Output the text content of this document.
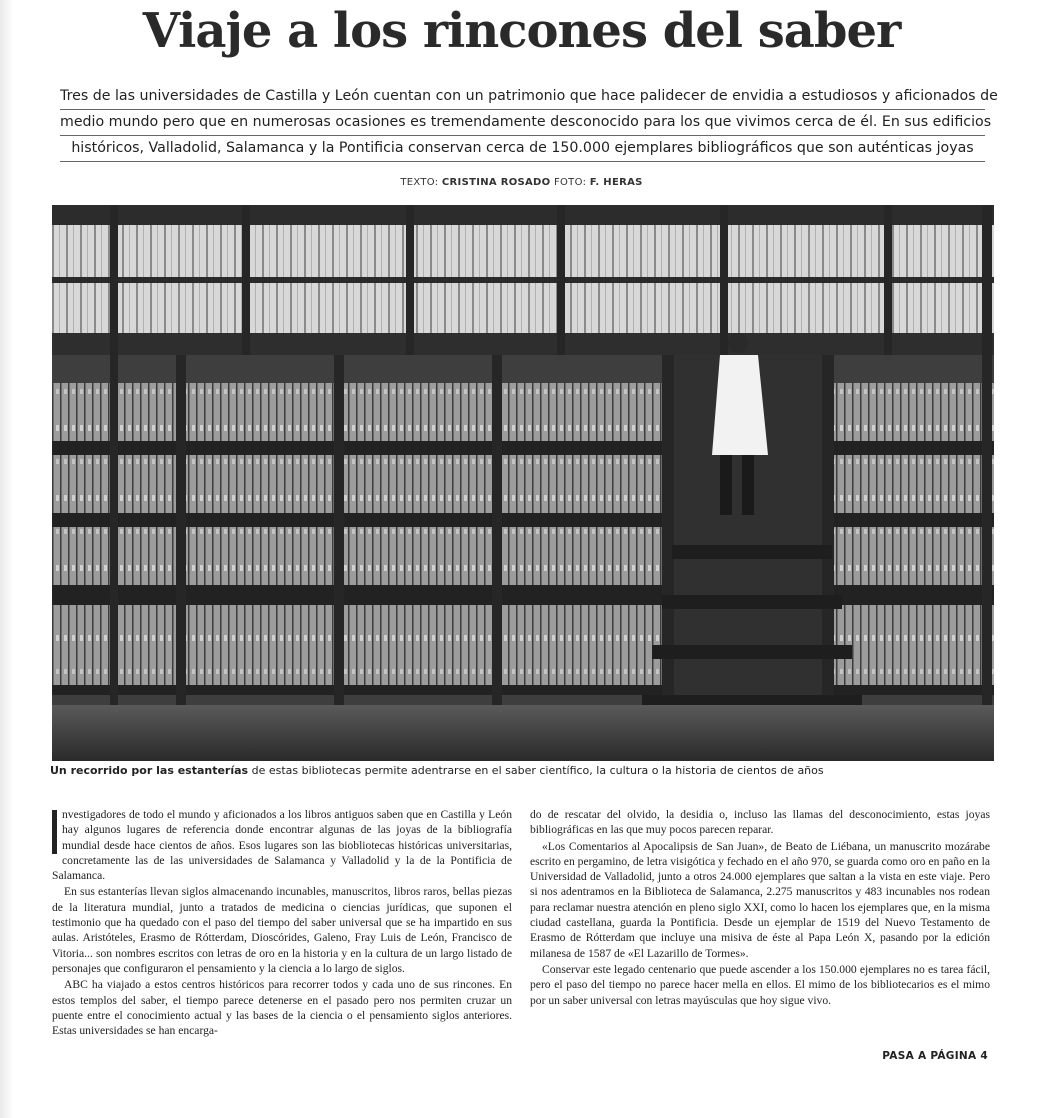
Viaje a los rincones del saber
Tres de las universidades de Castilla y León cuentan con un patrimonio que hace palidecer de envidia a estudiosos y aficionados de
medio mundo pero que en numerosas ocasiones es tremendamente desconocido para los que vivimos cerca de él. En sus edificios
históricos, Valladolid, Salamanca y la Pontificia conservan cerca de 150.000 ejemplares bibliográficos que son auténticas joyas
TEXTO: CRISTINA ROSADO FOTO: F. HERAS
Un recorrido por las estanterías de estas bibliotecas permite adentrarse en el saber científico, la cultura o la historia de cientos de años

nvestigadores de todo el mundo y aficionados a los libros antiguos saben que en Castilla y León hay algunos lugares de referencia donde encontrar algunas de las joyas de la bibliografía mundial desde hace cientos de años. Esos lugares son las biobliotecas históricas universitarias, concretamente las de las universidades de Salamanca y Valladolid y la de la Pontificia de Salamanca.

En sus estanterías llevan siglos almacenando incunables, manuscritos, libros raros, bellas piezas de la literatura mundial, junto a tratados de medicina o ciencias jurídicas, que suponen el testimonio que ha quedado con el paso del tiempo del saber universal que se ha impartido en sus aulas. Aristóteles, Erasmo de Rótterdam, Dioscórides, Galeno, Fray Luis de León, Francisco de Vitoria... son nombres escritos con letras de oro en la historia y en la cultura de un largo listado de personajes que configuraron el pensamiento y la ciencia a lo largo de siglos.

ABC ha viajado a estos centros históricos para recorrer todos y cada uno de sus rincones. En estos templos del saber, el tiempo parece detenerse en el pasado pero nos permiten cruzar un puente entre el conocimiento actual y las bases de la ciencia o el pensamiento siglos anteriores. Estas universidades se han encarga-

do de rescatar del olvido, la desidia o, incluso las llamas del desconocimiento, estas joyas bibliográficas en las que muy pocos parecen reparar.

«Los Comentarios al Apocalipsis de San Juan», de Beato de Liébana, un manuscrito mozárabe escrito en pergamino, de letra visigótica y fechado en el año 970, se guarda como oro en paño en la Universidad de Valladolid, junto a otros 24.000 ejemplares que saltan a la vista en este viaje. Pero si nos adentramos en la Biblioteca de Salamanca, 2.275 manuscritos y 483 incunables nos rodean para reclamar nuestra atención en pleno siglo XXI, como lo hacen los ejemplares que, en la misma ciudad castellana, guarda la Pontificia. Desde un ejemplar de 1519 del Nuevo Testamento de Erasmo de Rótterdam que incluye una misiva de éste al Papa León X, pasando por la edición milanesa de 1587 de «El Lazarillo de Tormes».

Conservar este legado centenario que puede ascender a los 150.000 ejemplares no es tarea fácil, pero el paso del tiempo no parece hacer mella en ellos. El mimo de los bibliotecarios es el mimo por un saber universal con letras mayúsculas que hoy sigue vivo.

PASA A PÁGINA 4
